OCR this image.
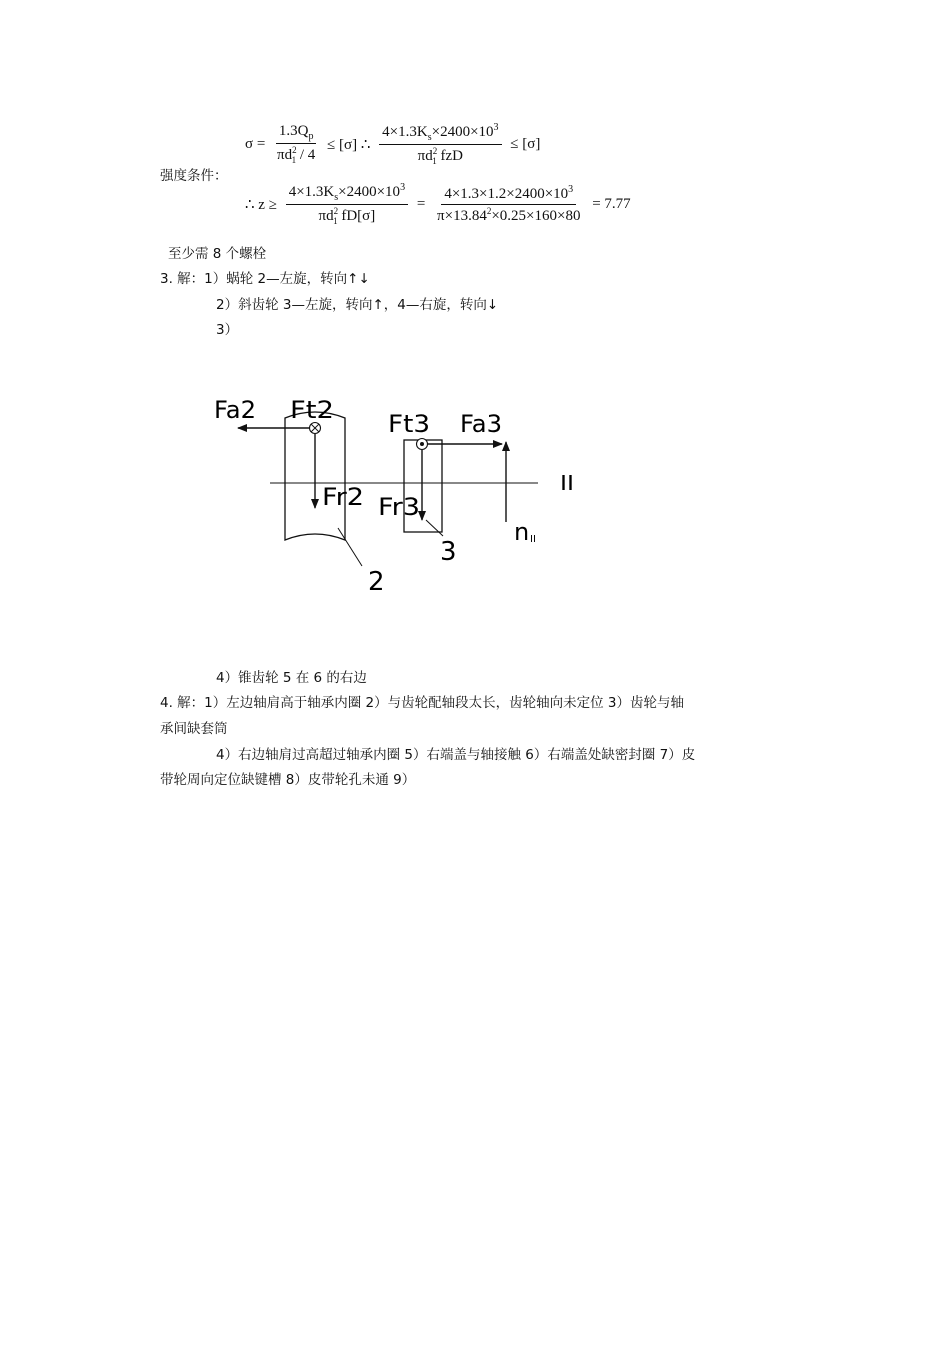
$\sigma = \frac{1.3Q_p}{\pi d^2_1 / 4} \le [\sigma]$ ∴ $\frac{4\times 1.3K_s\times 2400\times 10^3}{\pi d^2_1 fzD} \le [\sigma]$
强度条件：
∴ $z \ge \frac{4\times 1.3K_s\times 2400\times 10^3}{\pi d^2_1 fD[\sigma]} = \frac{4\times 1.3\times 1.2\times 2400\times 10^3}{\pi\times 13.84^2\times 0.25\times 160\times 80} = 7.77$
至少需 8 个螺栓
3. 解：1）蜗轮 2—左旋，转向↑↓
2）斜齿轮 3—左旋，转向↑，4—右旋，转向↓
3）
Fa2 Ft2 Ft3 Fa3
Fr2 Fr3
II
n II
2
3
4）锥齿轮 5 在 6 的右边
4. 解：1）左边轴肩高于轴承内圈 2）与齿轮配轴段太长，齿轮轴向未定位 3）齿轮与轴
承间缺套筒
4）右边轴肩过高超过轴承内圈 5）右端盖与轴接触 6）右端盖处缺密封圈 7）皮
带轮周向定位缺键槽 8）皮带轮孔未通 9）
